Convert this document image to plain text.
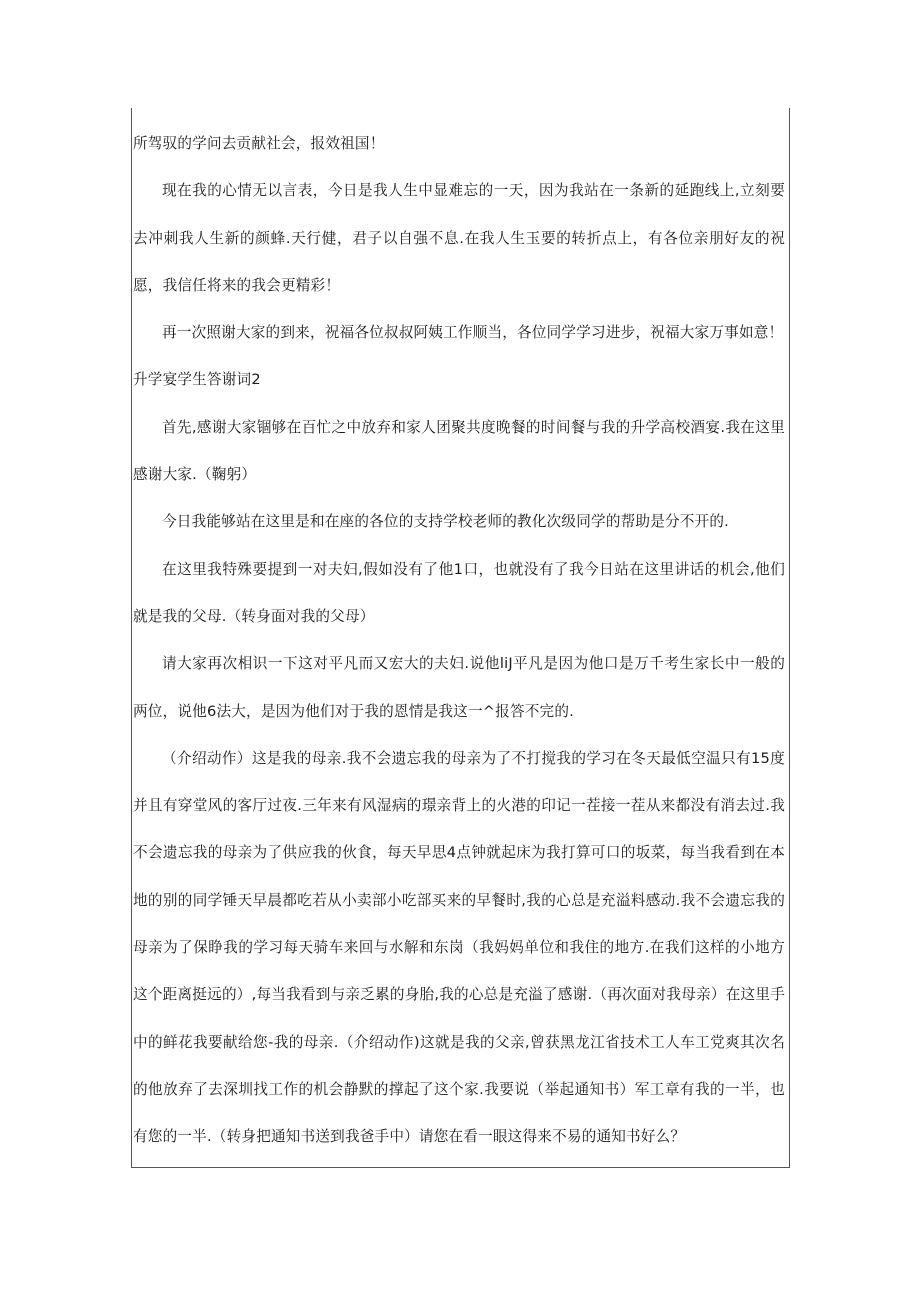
所驾驭的学问去贡献社会，报效祖国！

现在我的心情无以言表，今日是我人生中显难忘的一天，因为我站在一条新的延跑线上,立刻要去冲刺我人生新的颜蜂.天行健，君子以自强不息.在我人生玉要的转折点上，有各位亲朋好友的祝愿，我信任将来的我会更精彩！

再一次照谢大家的到来，祝福各位叔叔阿姨工作顺当，各位同学学习进步，祝福大家万事如意！

升学宴学生答谢词2

首先,感谢大家锢够在百忙之中放弃和家人团聚共度晚餐的时间餐与我的升学高校酒宴.我在这里感谢大家.（鞠躬）

今日我能够站在这里是和在座的各位的支持学校老师的教化次级同学的帮助是分不开的.

在这里我特殊要提到一对夫妇,假如没有了他1口，也就没有了我今日站在这里讲话的机会,他们就是我的父母.（转身面对我的父母）

请大家再次相识一下这对平凡而又宏大的夫妇.说他liJ平凡是因为他口是万千考生家长中一般的两位，说他6法大，是因为他们对于我的恩情是我这一^报答不完的.

（介绍动作）这是我的母亲.我不会遗忘我的母亲为了不打搅我的学习在冬天最低空温只有15度并且有穿堂风的客厅过夜.三年来有风湿病的璟亲背上的火港的印记一茬接一茬从来都没有消去过.我不会遗忘我的母亲为了供应我的伙食，每天早思4点钟就起床为我打算可口的坂菜，每当我看到在本地的别的同学锤天早晨都吃若从小卖部小吃部买来的早餐时,我的心总是充溢料感动.我不会遗忘我的母亲为了保睁我的学习每天骑车来回与水解和东岗（我妈妈单位和我住的地方.在我们这样的小地方这个距离挺远的）,每当我看到与亲乏累的身胎,我的心总是充溢了感谢.（再次面对我母亲）在这里手中的鲜花我要献给您-我的母亲.（介绍动作)这就是我的父亲,曾获黑龙江省技术工人车工党爽其次名的他放弃了去深圳找工作的机会静默的撑起了这个家.我要说（举起通知书）军工章有我的一半，也有您的一半.（转身把通知书送到我爸手中）请您在看一眼这得来不易的通知书好么？
